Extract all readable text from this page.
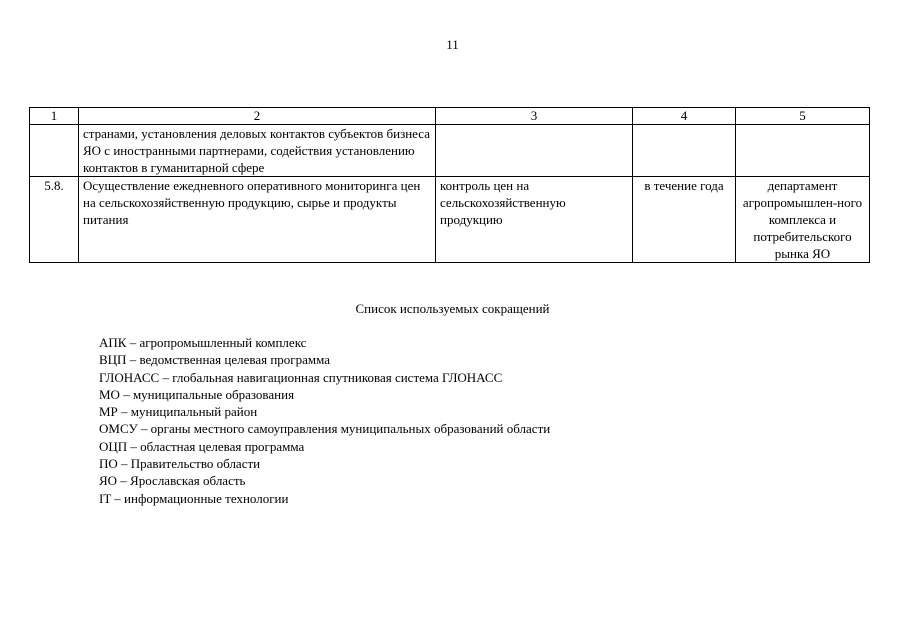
11
1	2	3	4	5
	странами, установления деловых контактов субъектов бизнеса ЯО с иностранными партнерами, содействия установлению контактов в гуманитарной сфере			
5.8.	Осуществление ежедневного оперативного мониторинга цен на сельскохозяйственную продукцию, сырье и продукты питания	контроль цен на сельскохозяйственную продукцию	в течение года	департамент агропромышлен-ного комплекса и потребительского рынка ЯО
Список используемых сокращений
АПК – агропромышленный комплекс
ВЦП – ведомственная целевая программа
ГЛОНАСС – глобальная навигационная спутниковая система ГЛОНАСС
МО – муниципальные образования
МР – муниципальный район
ОМСУ – органы местного самоуправления муниципальных образований области
ОЦП – областная целевая программа
ПО – Правительство области
ЯО – Ярославская область
IT – информационные технологии
